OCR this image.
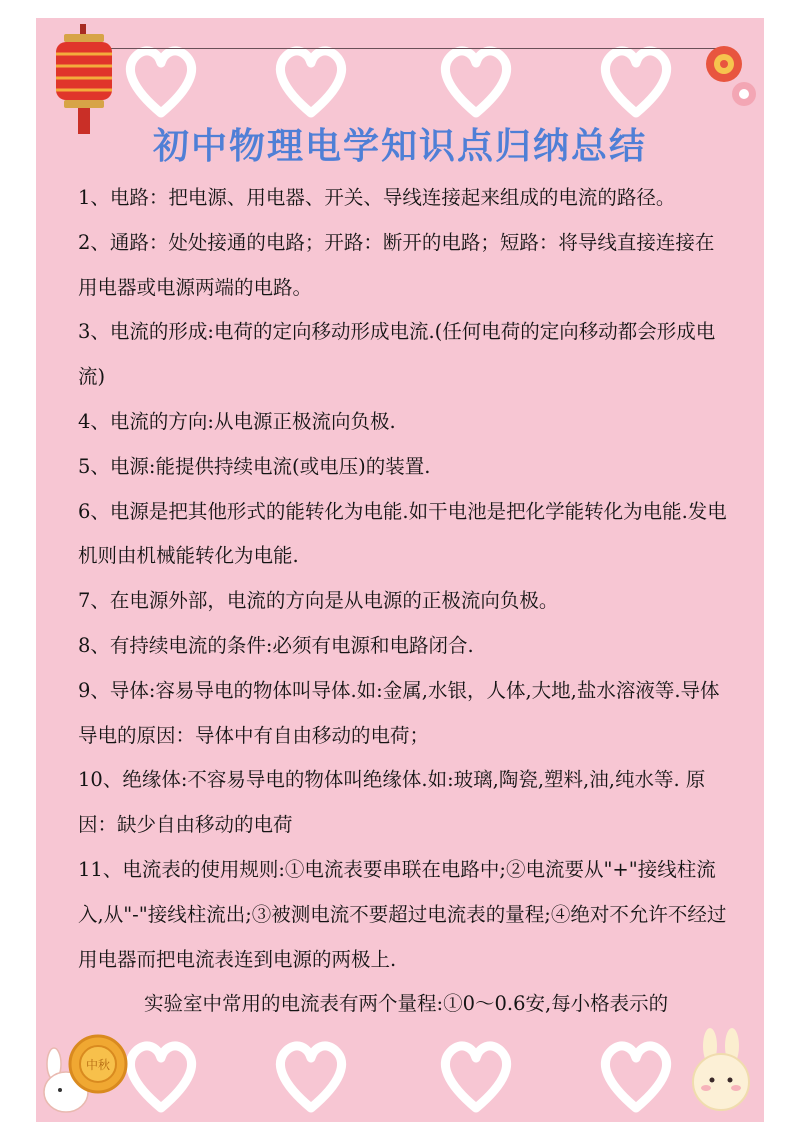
初中物理电学知识点归纳总结

1、电路：把电源、用电器、开关、导线连接起来组成的电流的路径。

2、通路：处处接通的电路；开路：断开的电路；短路：将导线直接连接在用电器或电源两端的电路。

3、电流的形成:电荷的定向移动形成电流.(任何电荷的定向移动都会形成电流)

4、电流的方向:从电源正极流向负极.

5、电源:能提供持续电流(或电压)的装置.

6、电源是把其他形式的能转化为电能.如干电池是把化学能转化为电能.发电机则由机械能转化为电能.

7、在电源外部，电流的方向是从电源的正极流向负极。

8、有持续电流的条件:必须有电源和电路闭合.

9、导体:容易导电的物体叫导体.如:金属,水银，人体,大地,盐水溶液等.导体导电的原因：导体中有自由移动的电荷；

10、绝缘体:不容易导电的物体叫绝缘体.如:玻璃,陶瓷,塑料,油,纯水等. 原因：缺少自由移动的电荷

11、电流表的使用规则:①电流表要串联在电路中;②电流要从"+"接线柱流入,从"-"接线柱流出;③被测电流不要超过电流表的量程;④绝对不允许不经过用电器而把电流表连到电源的两极上.

实验室中常用的电流表有两个量程:①0～0.6安,每小格表示的

中秋
